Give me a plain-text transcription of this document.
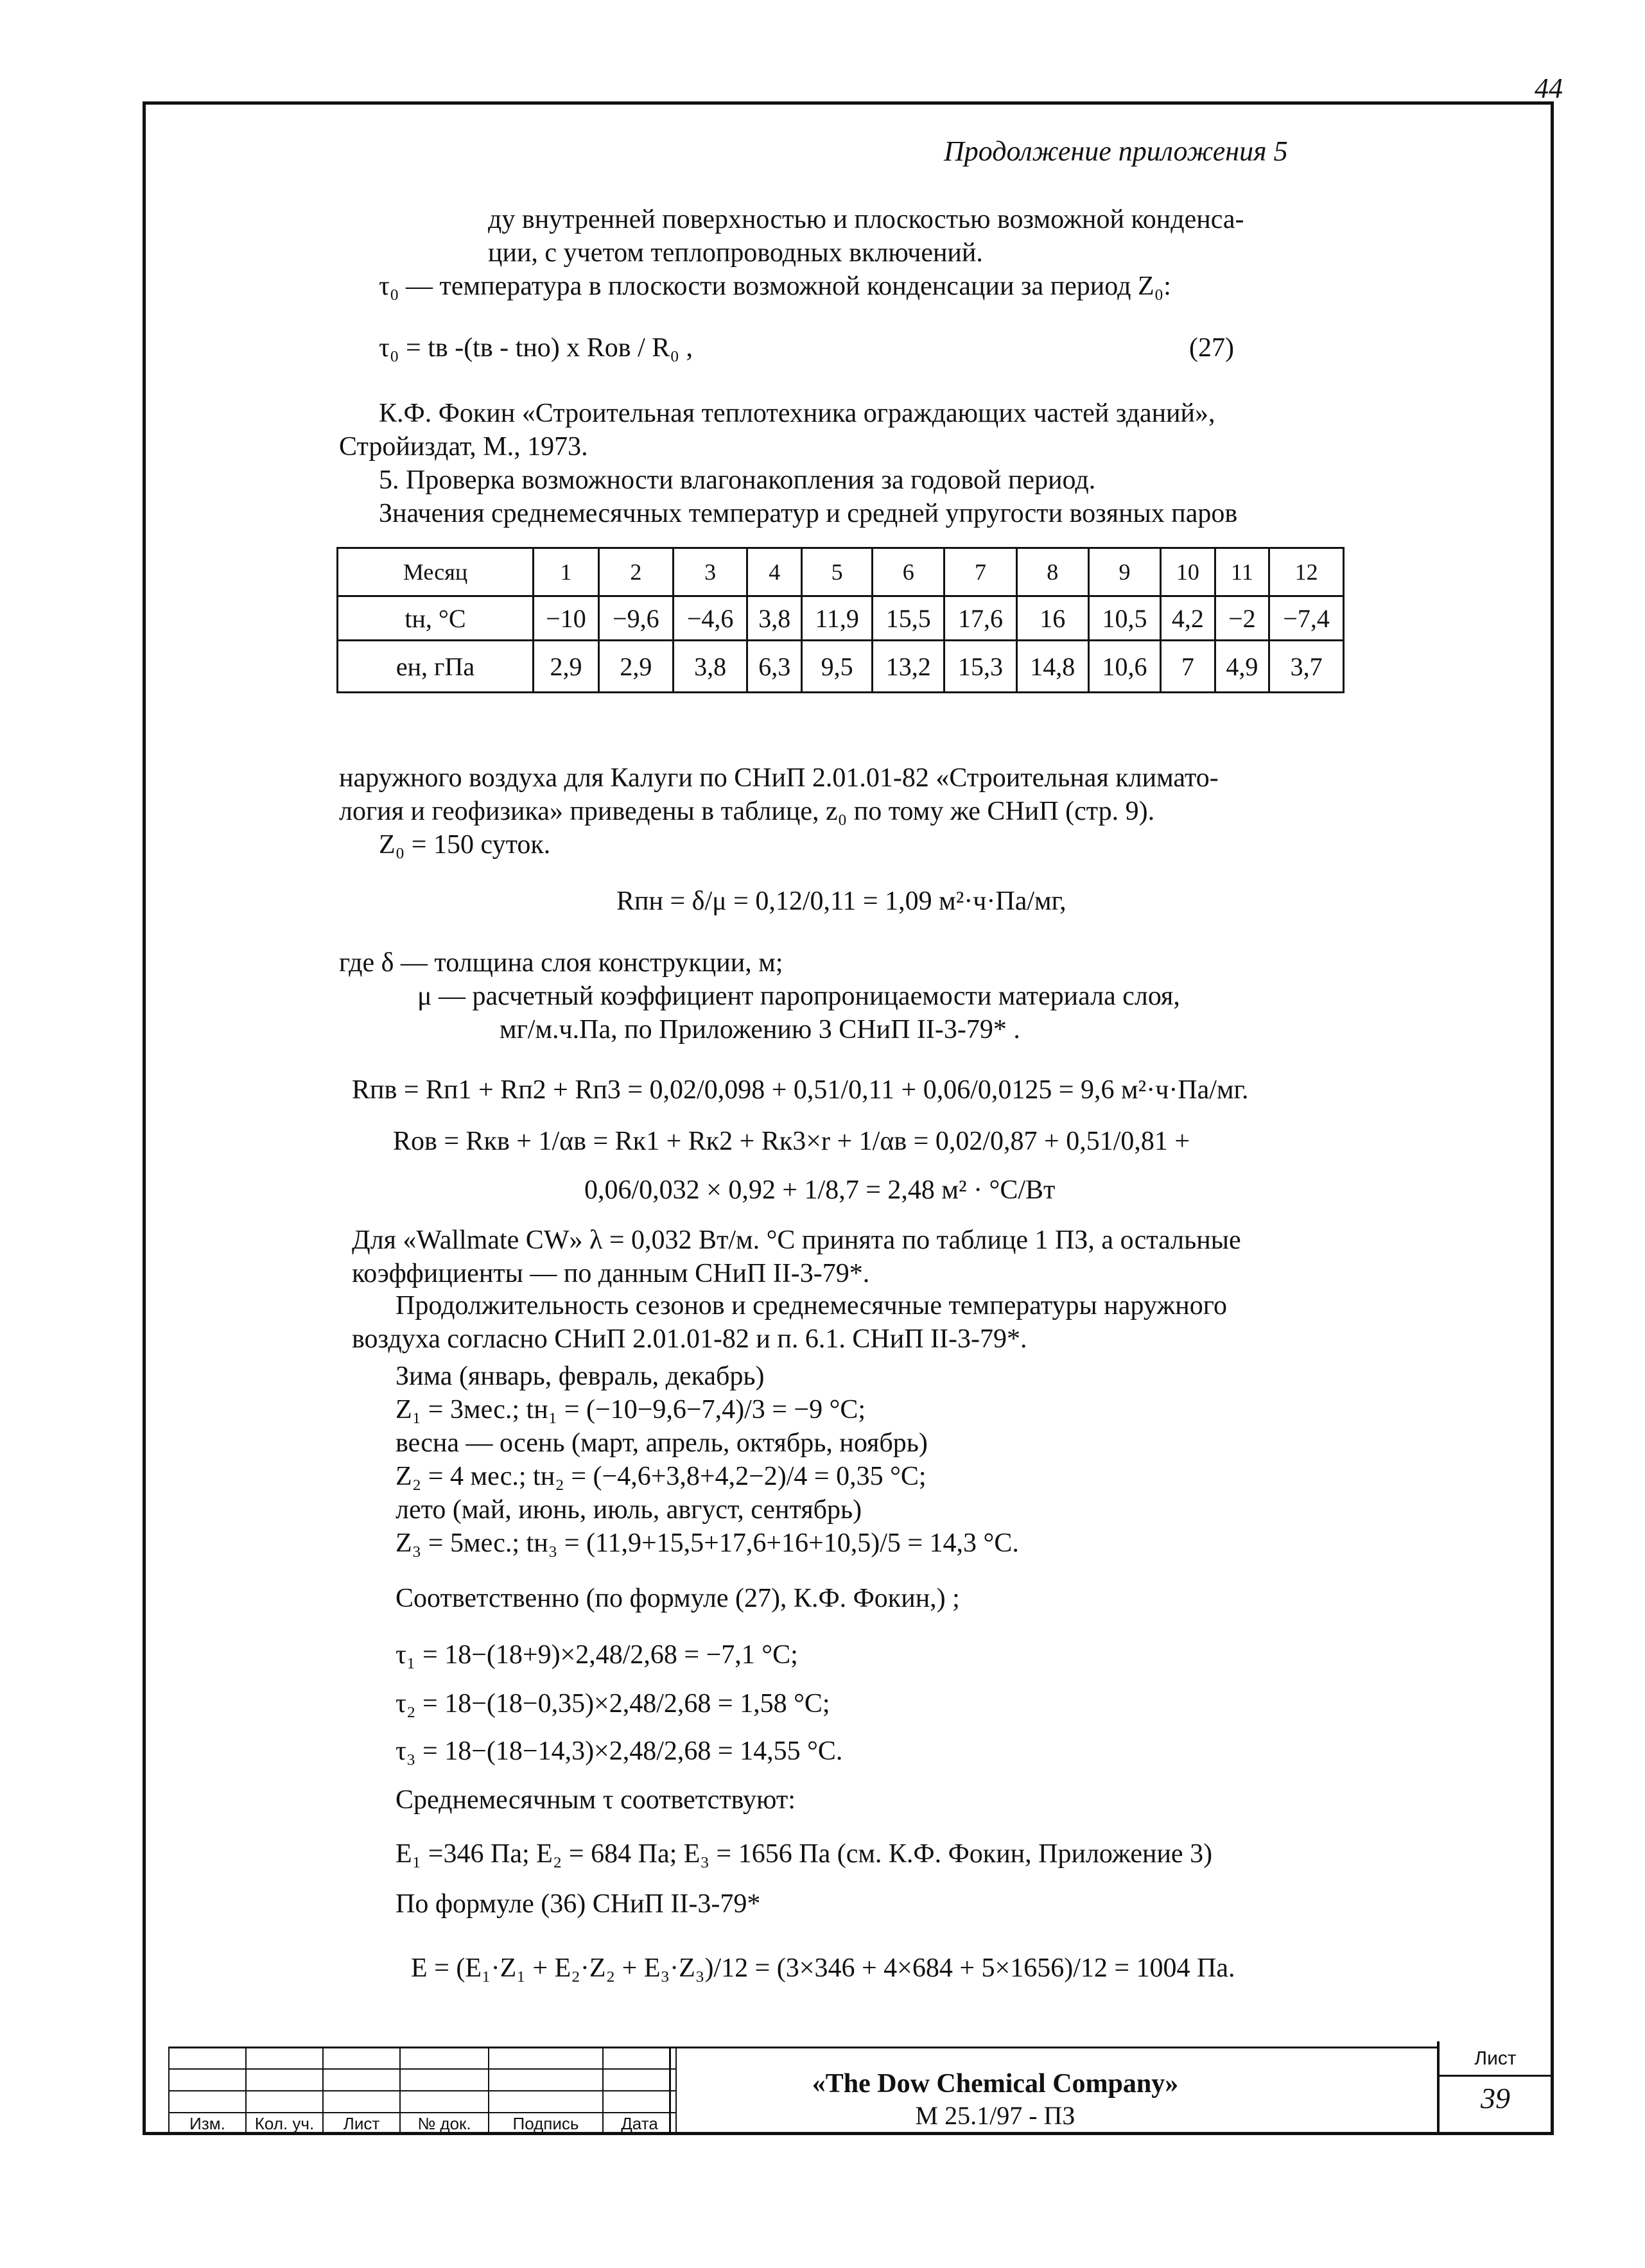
44
Продолжение приложения 5
ду внутренней поверхностью и плоскостью возможной конденса-
ции, с учетом теплопроводных включений.
τ₀ — температура в плоскости возможной конденсации за период Z₀:
τ₀ = tв -(tв - tно) x Rов / R₀ ,	(27)
К.Ф. Фокин «Строительная теплотехника ограждающих частей зданий»,
Стройиздат, М., 1973.
5. Проверка возможности влагонакопления за годовой период.
Значения среднемесячных температур и средней упругости возяных паров
Месяц	1	2	3	4	5	6	7	8	9	10	11	12
tн, °С	−10	−9,6	−4,6	3,8	11,9	15,5	17,6	16	10,5	4,2	−2	−7,4
eн, гПа	2,9	2,9	3,8	6,3	9,5	13,2	15,3	14,8	10,6	7	4,9	3,7
наружного воздуха для Калуги по СНиП 2.01.01-82 «Строительная климато-
логия и геофизика» приведены в таблице, z₀ по тому же СНиП (стр. 9).
Z₀ = 150 суток.
Rпн = δ/μ = 0,12/0,11 = 1,09 м²·ч·Па/мг,
где δ — толщина слоя конструкции, м;
μ — расчетный коэффициент паропроницаемости материала слоя,
мг/м.ч.Па, по Приложению 3 СНиП II-3-79* .
Rпв = Rп1 + Rп2 + Rп3 = 0,02/0,098 + 0,51/0,11 + 0,06/0,0125 = 9,6 м²·ч·Па/мг.
Rов = Rкв + 1/αв = Rк1 + Rк2 + Rк3×r + 1/αв = 0,02/0,87 + 0,51/0,81 +
0,06/0,032 × 0,92 + 1/8,7 = 2,48 м² · °С/Вт
Для «Wallmate CW» λ = 0,032 Вт/м. °С принята по таблице 1 ПЗ, а остальные
коэффициенты — по данным СНиП II-3-79*.
Продолжительность сезонов и среднемесячные температуры наружного
воздуха согласно СНиП 2.01.01-82 и п. 6.1. СНиП II-3-79*.
Зима (январь, февраль, декабрь)
Z₁ = 3мес.; tн₁ = (−10−9,6−7,4)/3 = −9 °С;
весна — осень (март, апрель, октябрь, ноябрь)
Z₂ = 4 мес.; tн₂ = (−4,6+3,8+4,2−2)/4 = 0,35 °С;
лето (май, июнь, июль, август, сентябрь)
Z₃ = 5мес.; tн₃ = (11,9+15,5+17,6+16+10,5)/5 = 14,3 °С.
Соответственно (по формуле (27), К.Ф. Фокин,) ;
τ₁ = 18−(18+9)×2,48/2,68 = −7,1 °С;
τ₂ = 18−(18−0,35)×2,48/2,68 = 1,58 °С;
τ₃ = 18−(18−14,3)×2,48/2,68 = 14,55 °С.
Среднемесячным τ соответствуют:
E₁ =346 Па; E₂ = 684 Па; E₃ = 1656 Па (см. К.Ф. Фокин, Приложение 3)
По формуле (36) СНиП II-3-79*
E = (E₁·Z₁ + E₂·Z₂ + E₃·Z₃)/12 = (3×346 + 4×684 + 5×1656)/12 = 1004 Па.

Изм.	Кол. уч.	Лист	№ док.	Подпись	Дата
«The Dow Chemical Company»
М 25.1/97 - ПЗ
Лист
39
